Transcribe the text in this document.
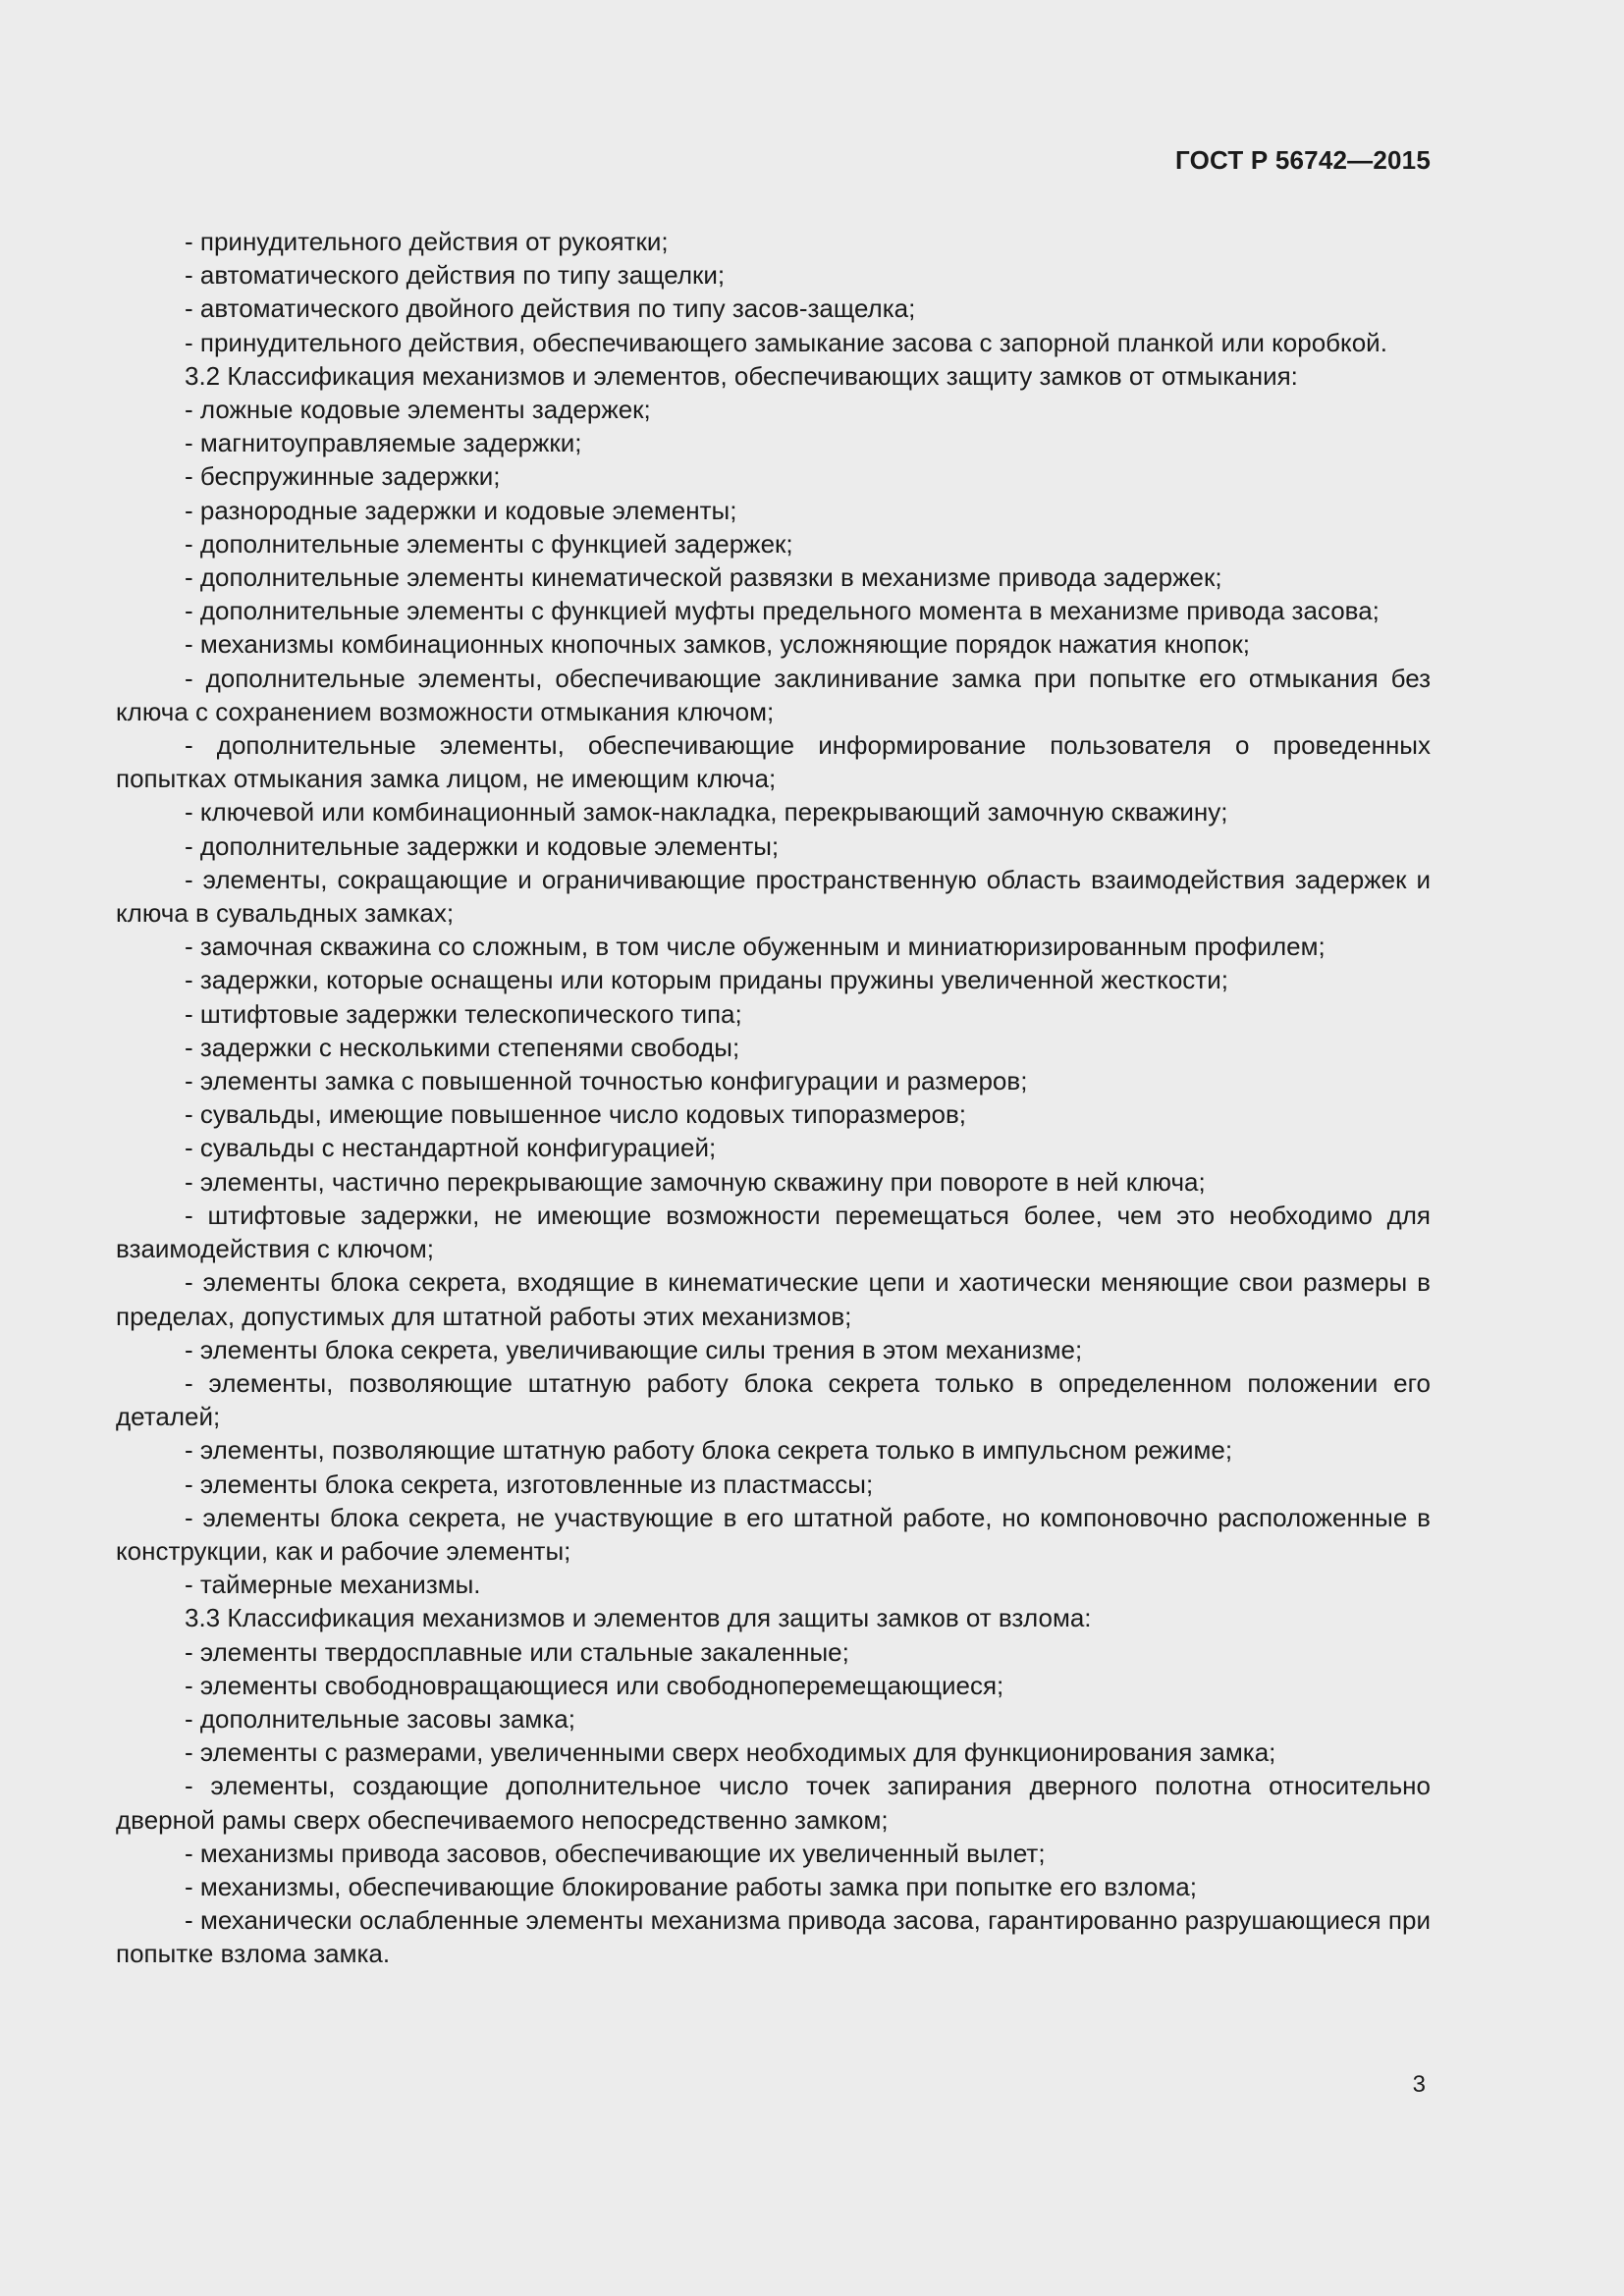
ГОСТ Р 56742—2015

- принудительного действия от рукоятки;

- автоматического действия по типу защелки;

- автоматического двойного действия по типу засов-защелка;

- принудительного действия, обеспечивающего замыкание засова с запорной планкой или коробкой.

3.2 Классификация механизмов и элементов, обеспечивающих защиту замков от отмыкания:

- ложные кодовые элементы задержек;

- магнитоуправляемые задержки;

- беспружинные задержки;

- разнородные задержки и кодовые элементы;

- дополнительные элементы с функцией задержек;

- дополнительные элементы кинематической развязки в механизме привода задержек;

- дополнительные элементы с функцией муфты предельного момента в механизме привода засова;

- механизмы комбинационных кнопочных замков, усложняющие порядок нажатия кнопок;

- дополнительные элементы, обеспечивающие заклинивание замка при попытке его отмыкания без ключа с сохранением возможности отмыкания ключом;

- дополнительные элементы, обеспечивающие информирование пользователя о проведенных попытках отмыкания замка лицом, не имеющим ключа;

- ключевой или комбинационный замок-накладка, перекрывающий замочную скважину;

- дополнительные задержки и кодовые элементы;

- элементы, сокращающие и ограничивающие пространственную область взаимодействия задержек и ключа в сувальдных замках;

- замочная скважина со сложным, в том числе обуженным и миниатюризированным профилем;

- задержки, которые оснащены или которым приданы пружины увеличенной жесткости;

- штифтовые задержки телескопического типа;

- задержки с несколькими степенями свободы;

- элементы замка с повышенной точностью конфигурации и размеров;

- сувальды, имеющие повышенное число кодовых типоразмеров;

- сувальды с нестандартной конфигурацией;

- элементы, частично перекрывающие замочную скважину при повороте в ней ключа;

- штифтовые задержки, не имеющие возможности перемещаться более, чем это необходимо для взаимодействия с ключом;

- элементы блока секрета, входящие в кинематические цепи и хаотически меняющие свои размеры в пределах, допустимых для штатной работы этих механизмов;

- элементы блока секрета, увеличивающие силы трения в этом механизме;

- элементы, позволяющие штатную работу блока секрета только в определенном положении его деталей;

- элементы, позволяющие штатную работу блока секрета только в импульсном режиме;

- элементы блока секрета, изготовленные из пластмассы;

- элементы блока секрета, не участвующие в его штатной работе, но компоновочно расположенные в конструкции, как и рабочие элементы;

- таймерные механизмы.

3.3 Классификация механизмов и элементов для защиты замков от взлома:

- элементы твердосплавные или стальные закаленные;

- элементы свободновращающиеся или свободноперемещающиеся;

- дополнительные засовы замка;

- элементы с размерами, увеличенными сверх необходимых для функционирования замка;

- элементы, создающие дополнительное число точек запирания дверного полотна относительно дверной рамы сверх обеспечиваемого непосредственно замком;

- механизмы привода засовов, обеспечивающие их увеличенный вылет;

- механизмы, обеспечивающие блокирование работы замка при попытке его взлома;

- механически ослабленные элементы механизма привода засова, гарантированно разрушающиеся при попытке взлома замка.

3
